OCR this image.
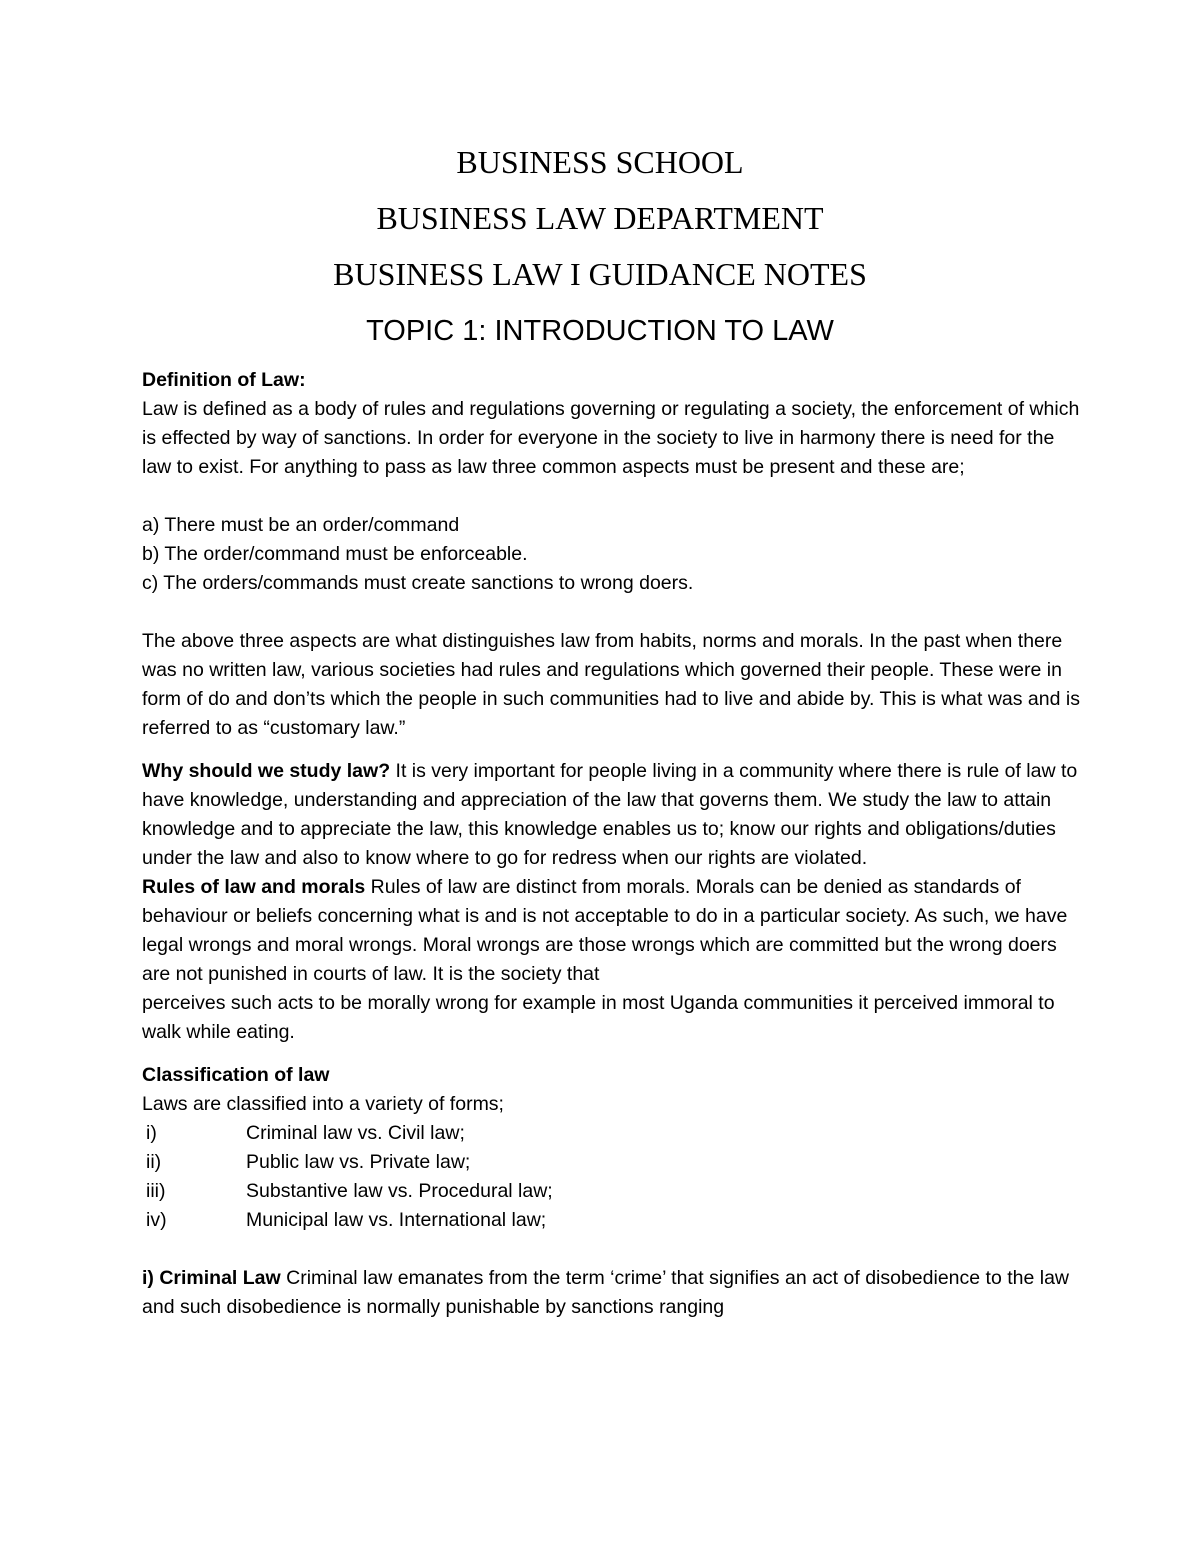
BUSINESS SCHOOL
BUSINESS LAW DEPARTMENT
BUSINESS LAW I GUIDANCE NOTES
TOPIC 1: INTRODUCTION TO LAW

Definition of Law:

Law is defined as a body of rules and regulations governing or regulating a society, the enforcement of which is effected by way of sanctions. In order for everyone in the society to live in harmony there is need for the law to exist. For anything to pass as law three common aspects must be present and these are;

a) There must be an order/command

b) The order/command must be enforceable.

c) The orders/commands must create sanctions to wrong doers.

The above three aspects are what distinguishes law from habits, norms and morals. In the past when there was no written law, various societies had rules and regulations which governed their people. These were in form of do and don’ts which the people in such communities had to live and abide by. This is what was and is referred to as “customary law.”

Why should we study law? It is very important for people living in a community where there is rule of law to have knowledge, understanding and appreciation of the law that governs them. We study the law to attain knowledge and to appreciate the law, this knowledge enables us to; know our rights and obligations/duties under the law and also to know where to go for redress when our rights are violated.

Rules of law and morals Rules of law are distinct from morals. Morals can be denied as standards of behaviour or beliefs concerning what is and is not acceptable to do in a particular society. As such, we have legal wrongs and moral wrongs. Moral wrongs are those wrongs which are committed but the wrong doers are not punished in courts of law. It is the society that

perceives such acts to be morally wrong for example in most Uganda communities it perceived immoral to walk while eating.

Classification of law

Laws are classified into a variety of forms;

i)	Criminal law vs. Civil law;
ii)	Public law vs. Private law;
iii)	Substantive law vs. Procedural law;
iv)	Municipal law vs. International law;

i) Criminal Law Criminal law emanates from the term ‘crime’ that signifies an act of disobedience to the law and such disobedience is normally punishable by sanctions ranging
